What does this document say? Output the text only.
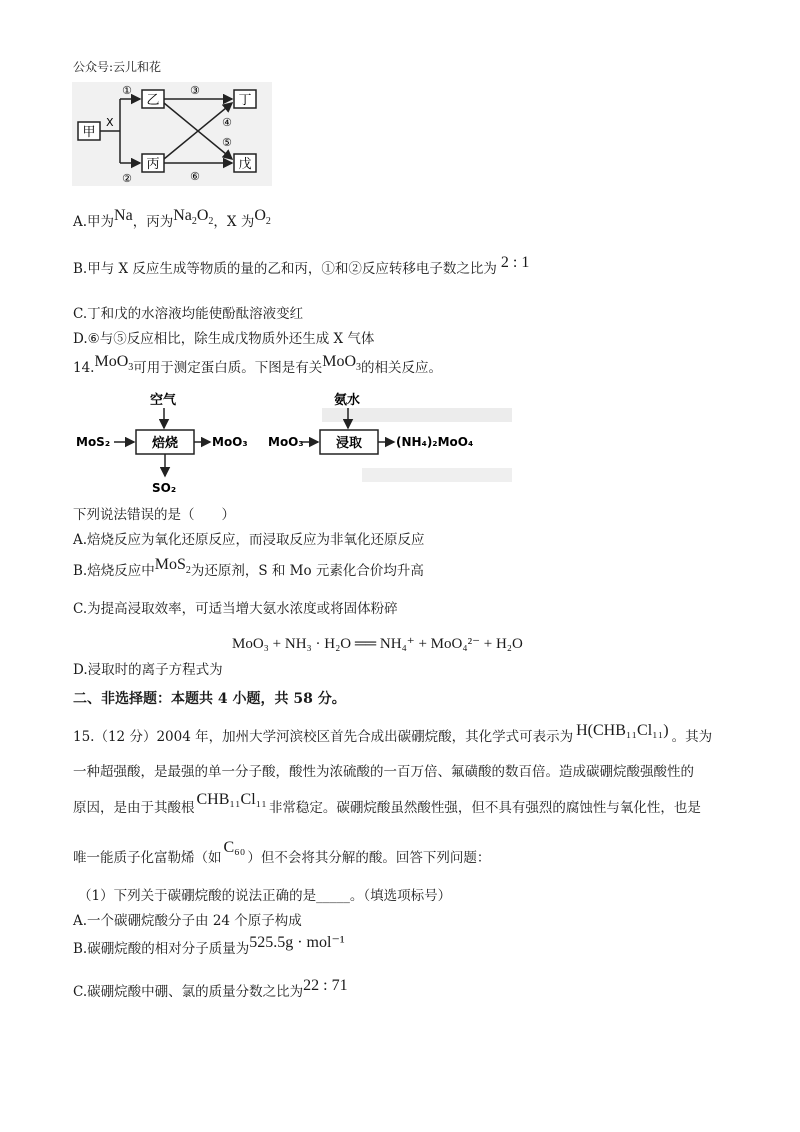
公众号:云儿和花
甲
乙
丙
丁
戊
X
①
②
③
④
⑤
⑥
A.甲为Na，丙为$Na_2O_2$，X 为$O_2$
B.甲与 X 反应生成等物质的量的乙和丙，①和②反应转移电子数之比为 2 : 1
C.丁和戊的水溶液均能使酚酞溶液变红
D.⑥与⑤反应相比，除生成戊物质外还生成 X 气体
14.MoO$_3$可用于测定蛋白质。下图是有关MoO$_3$的相关反应。
空气
MoS₂	焙烧	MoO₃
SO₂
氨水
MoO₃ 浸取	(NH₄)₂MoO₄
下列说法错误的是（　　）
A.焙烧反应为氧化还原反应，而浸取反应为非氧化还原反应
B.焙烧反应中MoS$_2$为还原剂，S 和 Mo 元素化合价均升高
C.为提高浸取效率，可适当增大氨水浓度或将固体粉碎
MoO₃ + NH₃ · H₂O ══ NH₄⁺ + MoO₄²⁻ + H₂O
D.浸取时的离子方程式为
二、非选择题：本题共 4 小题，共 58 分。
15.（12 分）2004 年，加州大学河滨校区首先合成出碳硼烷酸，其化学式可表示为 H(CHB₁₁Cl₁₁) 。其为
一种超强酸，是最强的单一分子酸，酸性为浓硫酸的一百万倍、氟磺酸的数百倍。造成碳硼烷酸强酸性的
原因，是由于其酸根 CHB₁₁Cl₁₁ 非常稳定。碳硼烷酸虽然酸性强，但不具有强烈的腐蚀性与氧化性，也是
唯一能质子化富勒烯（如C₆₀）但不会将其分解的酸。回答下列问题：
（1）下列关于碳硼烷酸的说法正确的是_____。（填选项标号）
A.一个碳硼烷酸分子由 24 个原子构成
B.碳硼烷酸的相对分子质量为525.5g · mol⁻¹
C.碳硼烷酸中硼、氯的质量分数之比为22 : 71
